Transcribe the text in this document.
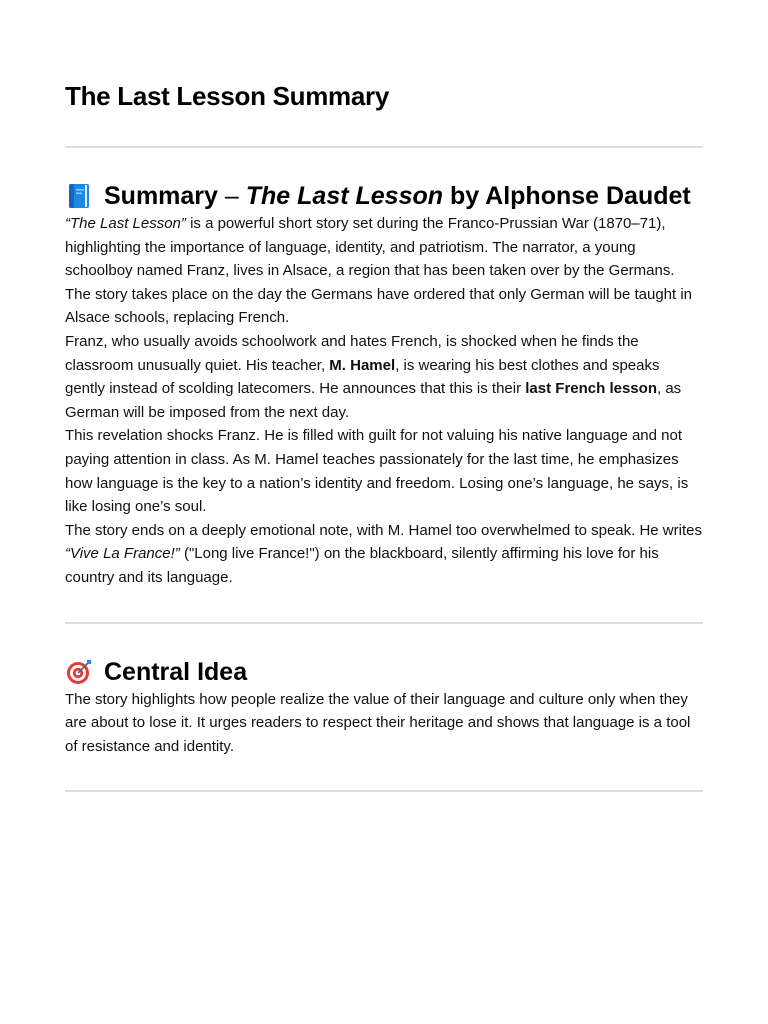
The Last Lesson Summary
Summary – The Last Lesson by Alphonse Daudet

“The Last Lesson” is a powerful short story set during the Franco-Prussian War (1870–71), highlighting the importance of language, identity, and patriotism. The narrator, a young schoolboy named Franz, lives in Alsace, a region that has been taken over by the Germans. The story takes place on the day the Germans have ordered that only German will be taught in Alsace schools, replacing French.

Franz, who usually avoids schoolwork and hates French, is shocked when he finds the classroom unusually quiet. His teacher, M. Hamel, is wearing his best clothes and speaks gently instead of scolding latecomers. He announces that this is their last French lesson, as German will be imposed from the next day.

This revelation shocks Franz. He is filled with guilt for not valuing his native language and not paying attention in class. As M. Hamel teaches passionately for the last time, he emphasizes how language is the key to a nation’s identity and freedom. Losing one’s language, he says, is like losing one’s soul.

The story ends on a deeply emotional note, with M. Hamel too overwhelmed to speak. He writes “Vive La France!” ("Long live France!") on the blackboard, silently affirming his love for his country and its language.

Central Idea

The story highlights how people realize the value of their language and culture only when they are about to lose it. It urges readers to respect their heritage and shows that language is a tool of resistance and identity.
